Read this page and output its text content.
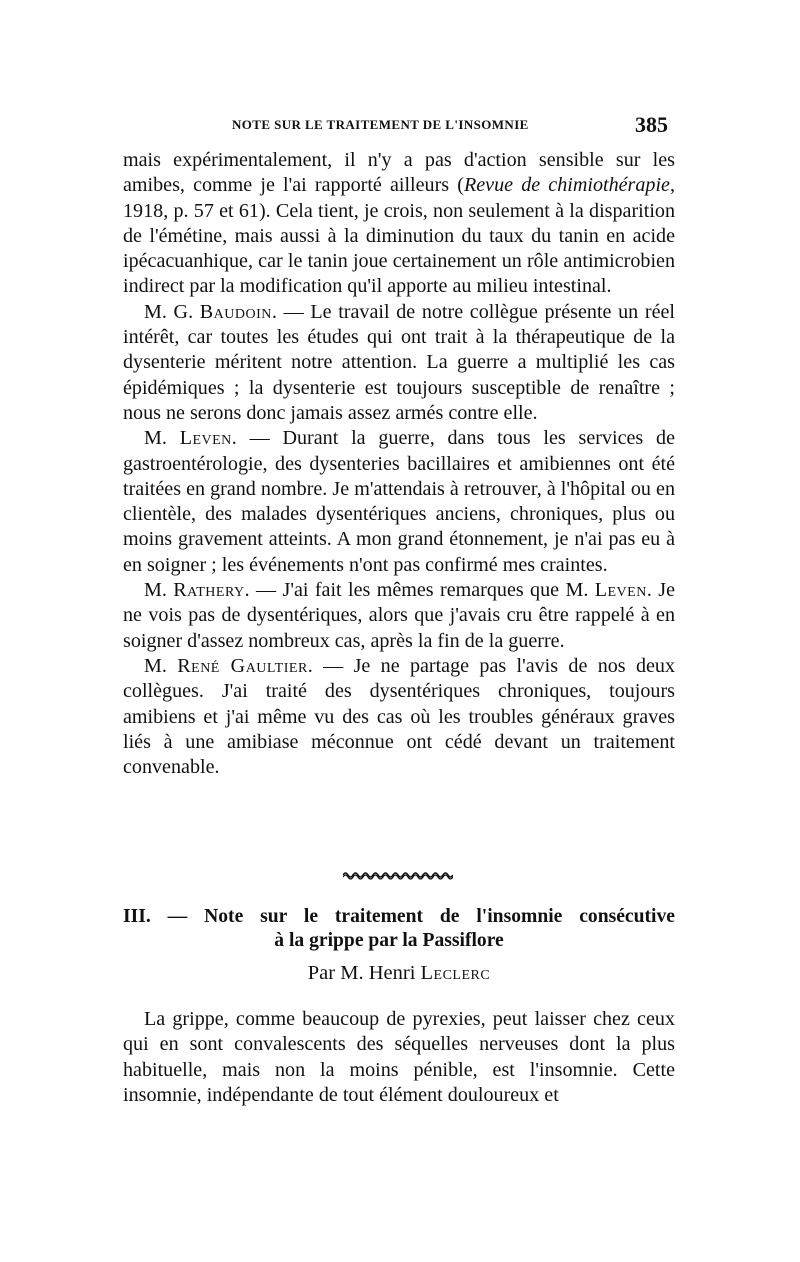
NOTE SUR LE TRAITEMENT DE L'INSOMNIE	385

mais expérimentalement, il n'y a pas d'action sensible sur les amibes, comme je l'ai rapporté ailleurs (Revue de chimiothérapie, 1918, p. 57 et 61). Cela tient, je crois, non seulement à la disparition de l'émétine, mais aussi à la diminution du taux du tanin en acide ipécacuanhique, car le tanin joue certainement un rôle antimicrobien indirect par la modification qu'il apporte au milieu intestinal.

M. G. Baudoin. — Le travail de notre collègue présente un réel intérêt, car toutes les études qui ont trait à la thérapeutique de la dysenterie méritent notre attention. La guerre a multiplié les cas épidémiques ; la dysenterie est toujours susceptible de renaître ; nous ne serons donc jamais assez armés contre elle.

M. Leven. — Durant la guerre, dans tous les services de gastroentérologie, des dysenteries bacillaires et amibiennes ont été traitées en grand nombre. Je m'attendais à retrouver, à l'hôpital ou en clientèle, des malades dysentériques anciens, chroniques, plus ou moins gravement atteints. A mon grand étonnement, je n'ai pas eu à en soigner ; les événements n'ont pas confirmé mes craintes.

M. Rathery. — J'ai fait les mêmes remarques que M. Leven. Je ne vois pas de dysentériques, alors que j'avais cru être rappelé à en soigner d'assez nombreux cas, après la fin de la guerre.

M. René Gaultier. — Je ne partage pas l'avis de nos deux collègues. J'ai traité des dysentériques chroniques, toujours amibiens et j'ai même vu des cas où les troubles généraux graves liés à une amibiase méconnue ont cédé devant un traitement convenable.

III. — Note sur le traitement de l'insomnie consécutive
à la grippe par la Passiflore
Par M. Henri Leclerc

La grippe, comme beaucoup de pyrexies, peut laisser chez ceux qui en sont convalescents des séquelles nerveuses dont la plus habituelle, mais non la moins pénible, est l'insomnie. Cette insomnie, indépendante de tout élément douloureux et
